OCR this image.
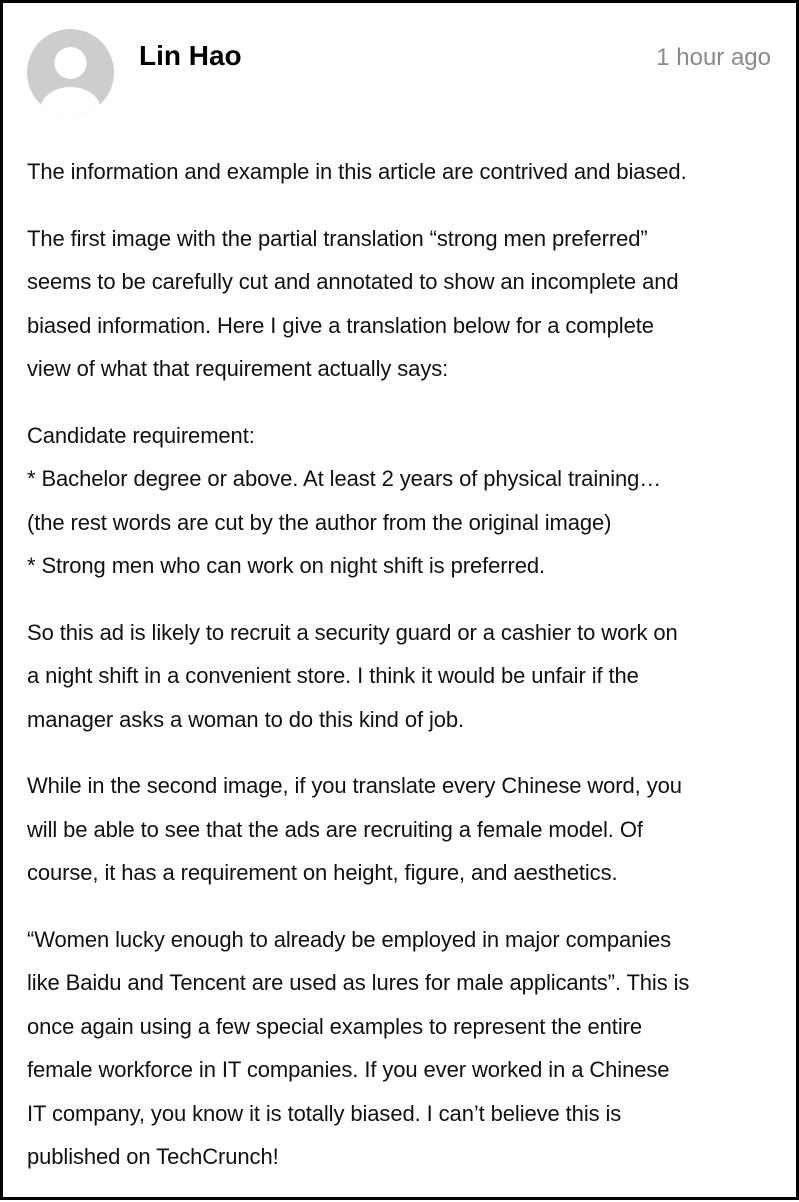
Lin Hao	1 hour ago

The information and example in this article are contrived and biased.

The first image with the partial translation “strong men preferred”
seems to be carefully cut and annotated to show an incomplete and
biased information. Here I give a translation below for a complete
view of what that requirement actually says:

Candidate requirement:
* Bachelor degree or above. At least 2 years of physical training…
(the rest words are cut by the author from the original image)
* Strong men who can work on night shift is preferred.

So this ad is likely to recruit a security guard or a cashier to work on
a night shift in a convenient store. I think it would be unfair if the
manager asks a woman to do this kind of job.

While in the second image, if you translate every Chinese word, you
will be able to see that the ads are recruiting a female model. Of
course, it has a requirement on height, figure, and aesthetics.

“Women lucky enough to already be employed in major companies
like Baidu and Tencent are used as lures for male applicants”. This is
once again using a few special examples to represent the entire
female workforce in IT companies. If you ever worked in a Chinese
IT company, you know it is totally biased. I can’t believe this is
published on TechCrunch!
